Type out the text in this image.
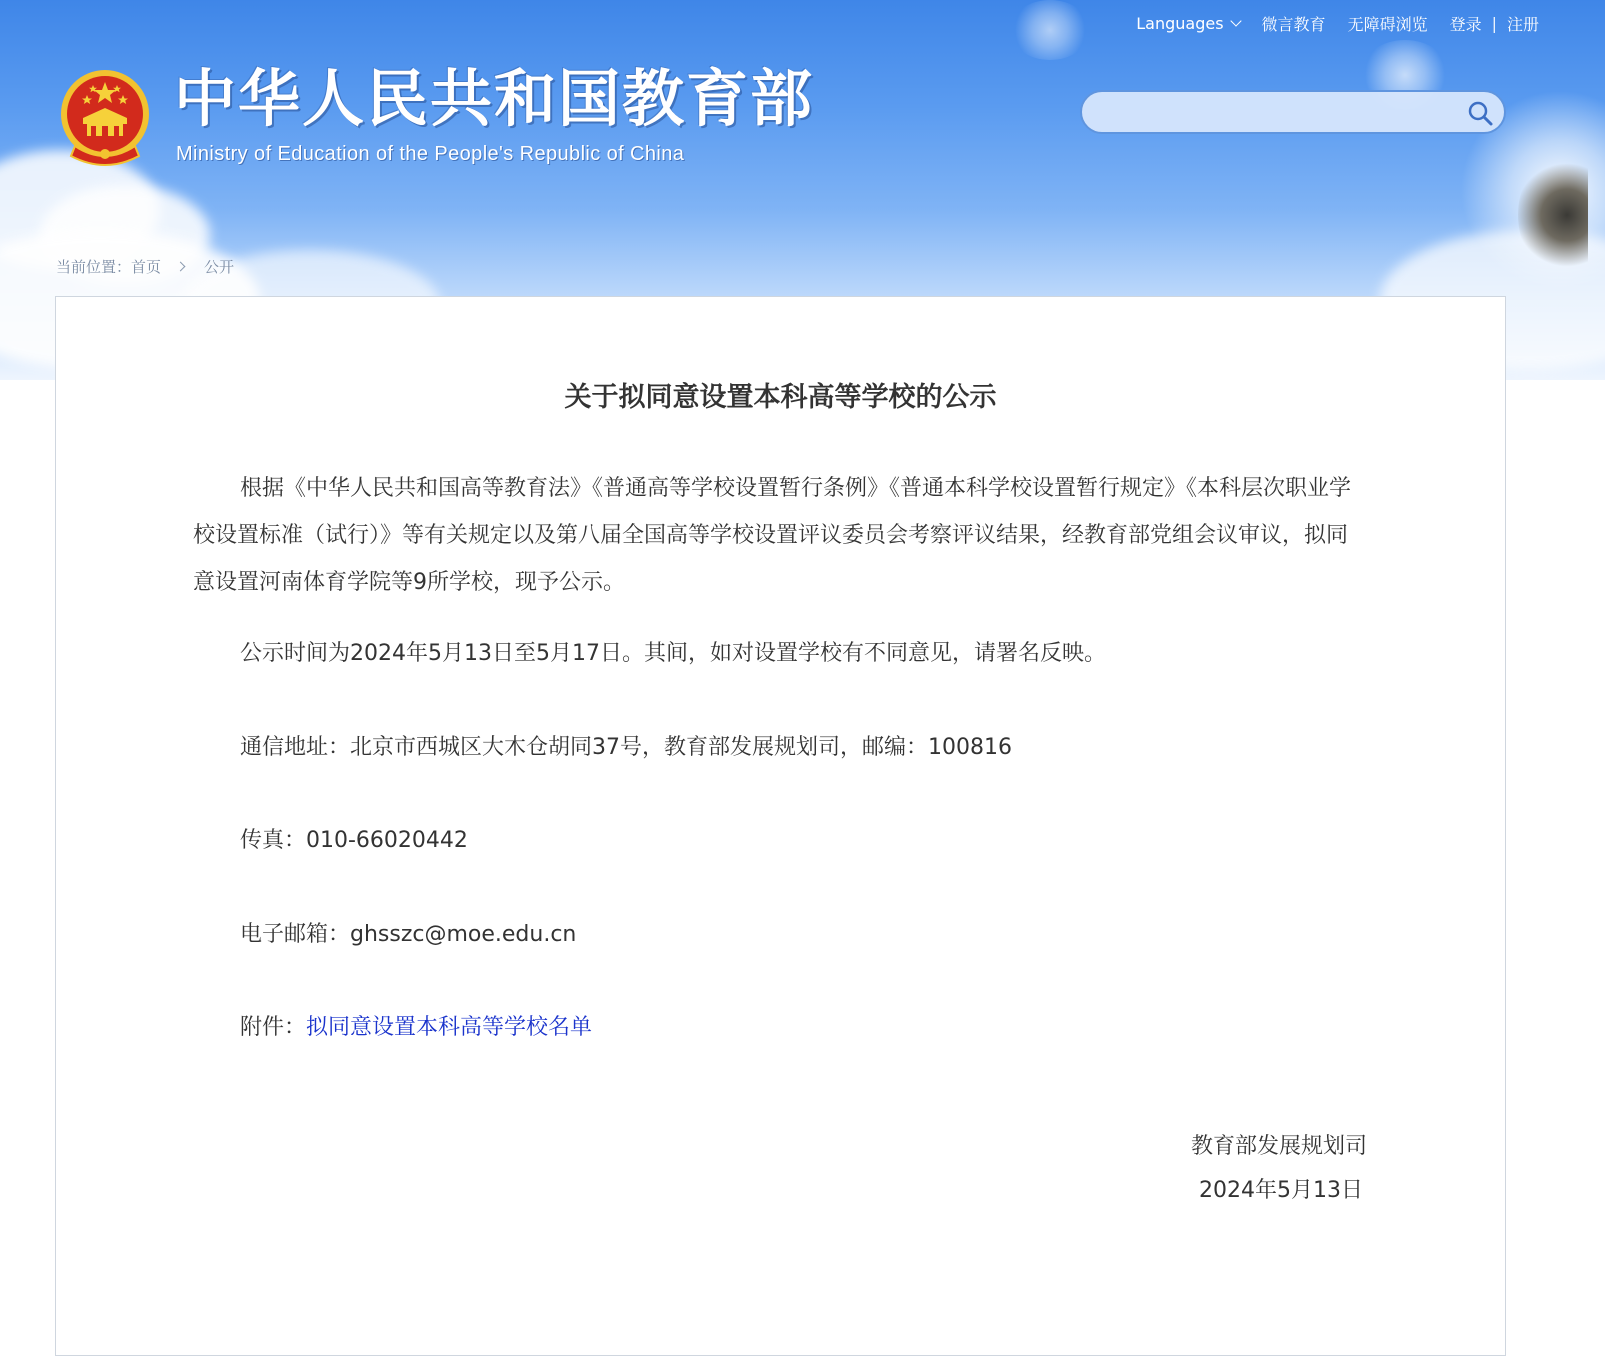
Languages 微言教育 无障碍浏览 登录 | 注册
中华人民共和国教育部
Ministry of Education of the People's Republic of China
当前位置： 首页	公开
关于拟同意设置本科高等学校的公示

根据《中华人民共和国高等教育法》《普通高等学校设置暂行条例》《普通本科学校设置暂行规定》《本科层次职业学校设置标准（试行）》等有关规定以及第八届全国高等学校设置评议委员会考察评议结果，经教育部党组会议审议，拟同意设置河南体育学院等9所学校，现予公示。

公示时间为2024年5月13日至5月17日。其间，如对设置学校有不同意见，请署名反映。
通信地址：北京市西城区大木仓胡同37号，教育部发展规划司，邮编：100816
传真：010-66020442
电子邮箱：ghsszc@moe.edu.cn
附件：拟同意设置本科高等学校名单
教育部发展规划司
2024年5月13日
